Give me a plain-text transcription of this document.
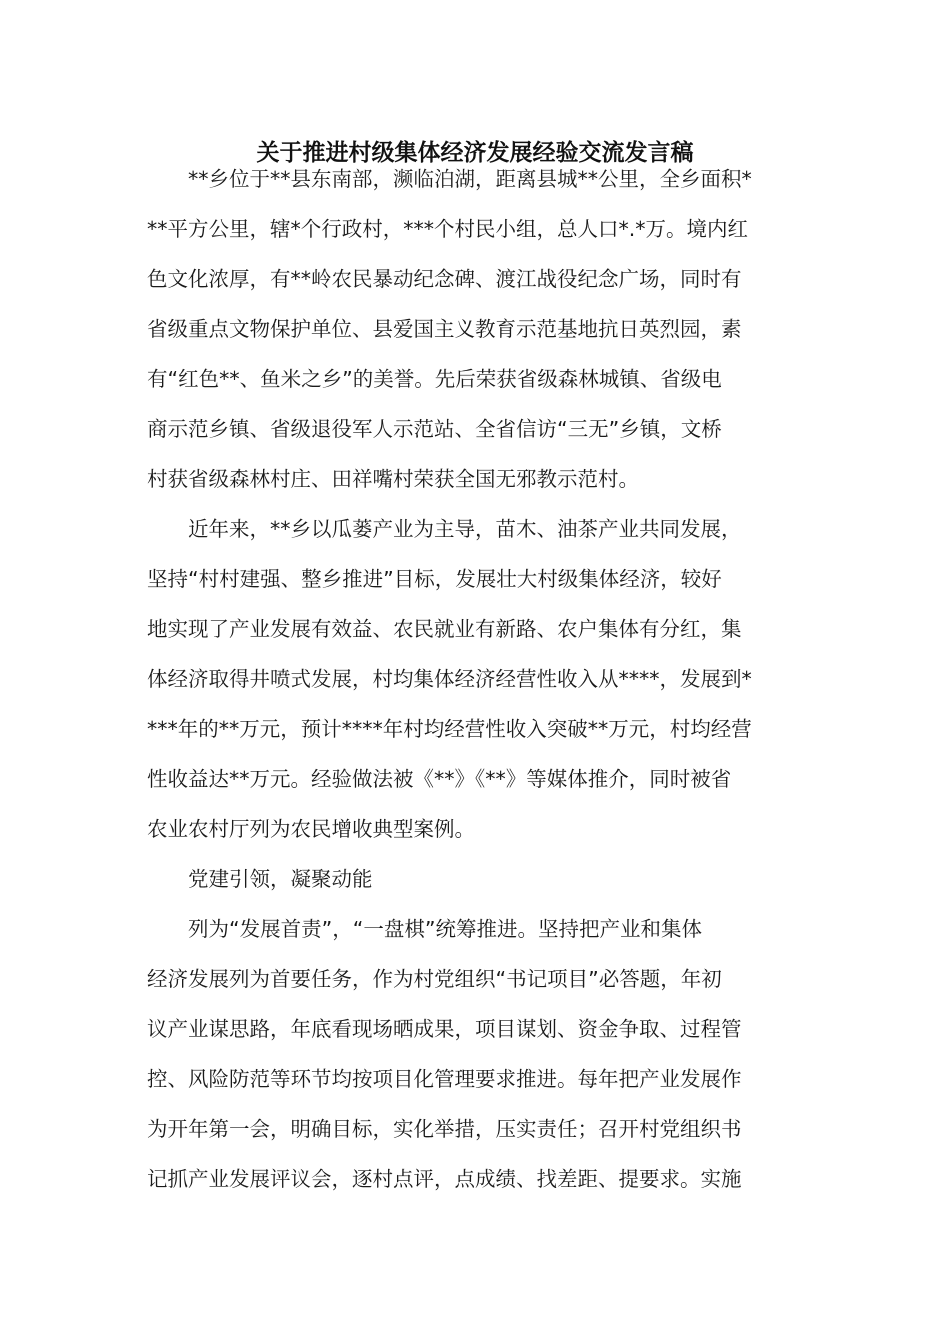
关于推进村级集体经济发展经验交流发言稿
**乡位于**县东南部，濒临泊湖，距离县城**公里，全乡面积*
**平方公里，辖*个行政村，***个村民小组，总人口*.*万。境内红
色文化浓厚，有**岭农民暴动纪念碑、渡江战役纪念广场，同时有
省级重点文物保护单位、县爱国主义教育示范基地抗日英烈园，素
有“红色**、鱼米之乡”的美誉。先后荣获省级森林城镇、省级电
商示范乡镇、省级退役军人示范站、全省信访“三无”乡镇，文桥
村获省级森林村庄、田祥嘴村荣获全国无邪教示范村。
近年来，**乡以瓜蒌产业为主导，苗木、油茶产业共同发展，
坚持“村村建强、整乡推进”目标，发展壮大村级集体经济，较好
地实现了产业发展有效益、农民就业有新路、农户集体有分红，集
体经济取得井喷式发展，村均集体经济经营性收入从****，发展到*
***年的**万元，预计****年村均经营性收入突破**万元，村均经营
性收益达**万元。经验做法被《**》《**》等媒体推介，同时被省
农业农村厅列为农民增收典型案例。
党建引领，凝聚动能
列为“发展首责”，“一盘棋”统筹推进。坚持把产业和集体
经济发展列为首要任务，作为村党组织“书记项目”必答题，年初
议产业谋思路，年底看现场晒成果，项目谋划、资金争取、过程管
控、风险防范等环节均按项目化管理要求推进。每年把产业发展作
为开年第一会，明确目标，实化举措，压实责任；召开村党组织书
记抓产业发展评议会，逐村点评，点成绩、找差距、提要求。实施
